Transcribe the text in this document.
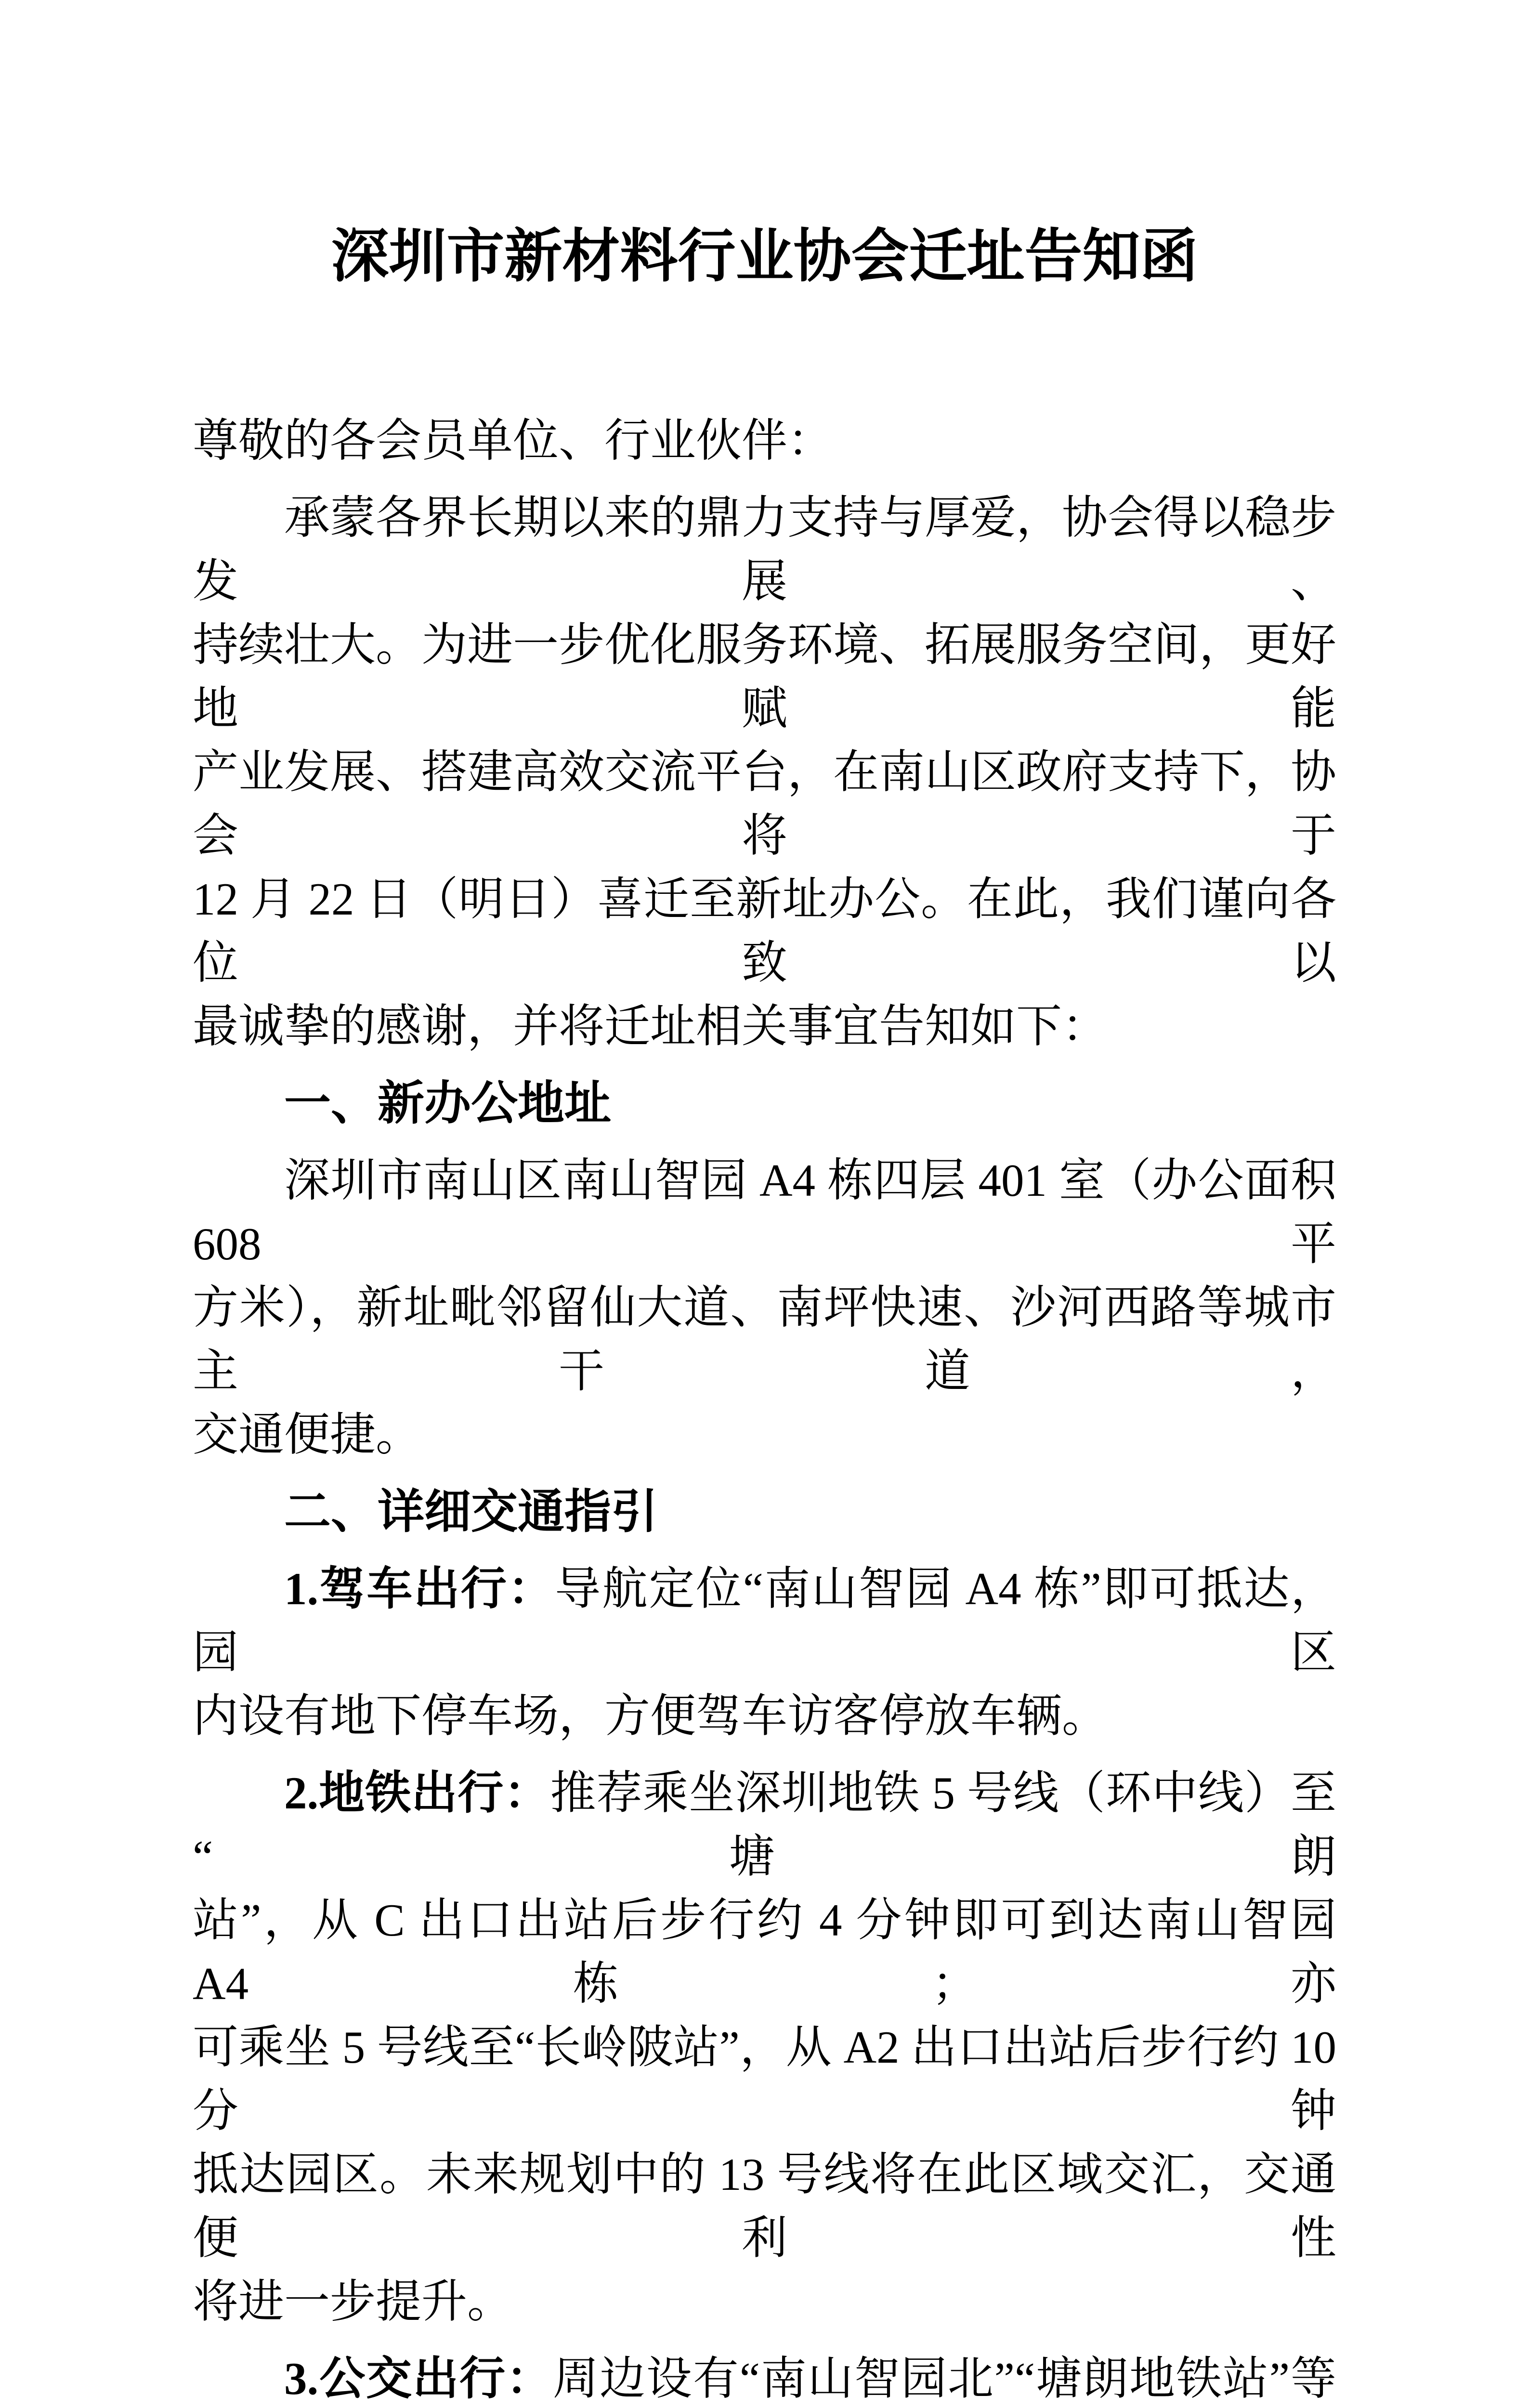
深圳市新材料行业协会迁址告知函
尊敬的各会员单位、行业伙伴：
承蒙各界长期以来的鼎力支持与厚爱，协会得以稳步发展、
持续壮大。为进一步优化服务环境、拓展服务空间，更好地赋能
产业发展、搭建高效交流平台，在南山区政府支持下，协会将于
12 月 22 日（明日）喜迁至新址办公。在此，我们谨向各位致以
最诚挚的感谢，并将迁址相关事宜告知如下：
一、新办公地址
深圳市南山区南山智园 A4 栋四层 401 室（办公面积 608 平
方米），新址毗邻留仙大道、南坪快速、沙河西路等城市主干道，
交通便捷。
二、详细交通指引
1.驾车出行：导航定位“南山智园 A4 栋”即可抵达，园区
内设有地下停车场，方便驾车访客停放车辆。
2.地铁出行：推荐乘坐深圳地铁 5 号线（环中线）至“塘朗
站”，从 C 出口出站后步行约 4 分钟即可到达南山智园 A4 栋；亦
可乘坐 5 号线至“长岭陂站”，从 A2 出口出站后步行约 10 分钟
抵达园区。未来规划中的 13 号线将在此区域交汇，交通便利性
将进一步提升。
3.公交出行：周边设有“南山智园北”“塘朗地铁站”等
